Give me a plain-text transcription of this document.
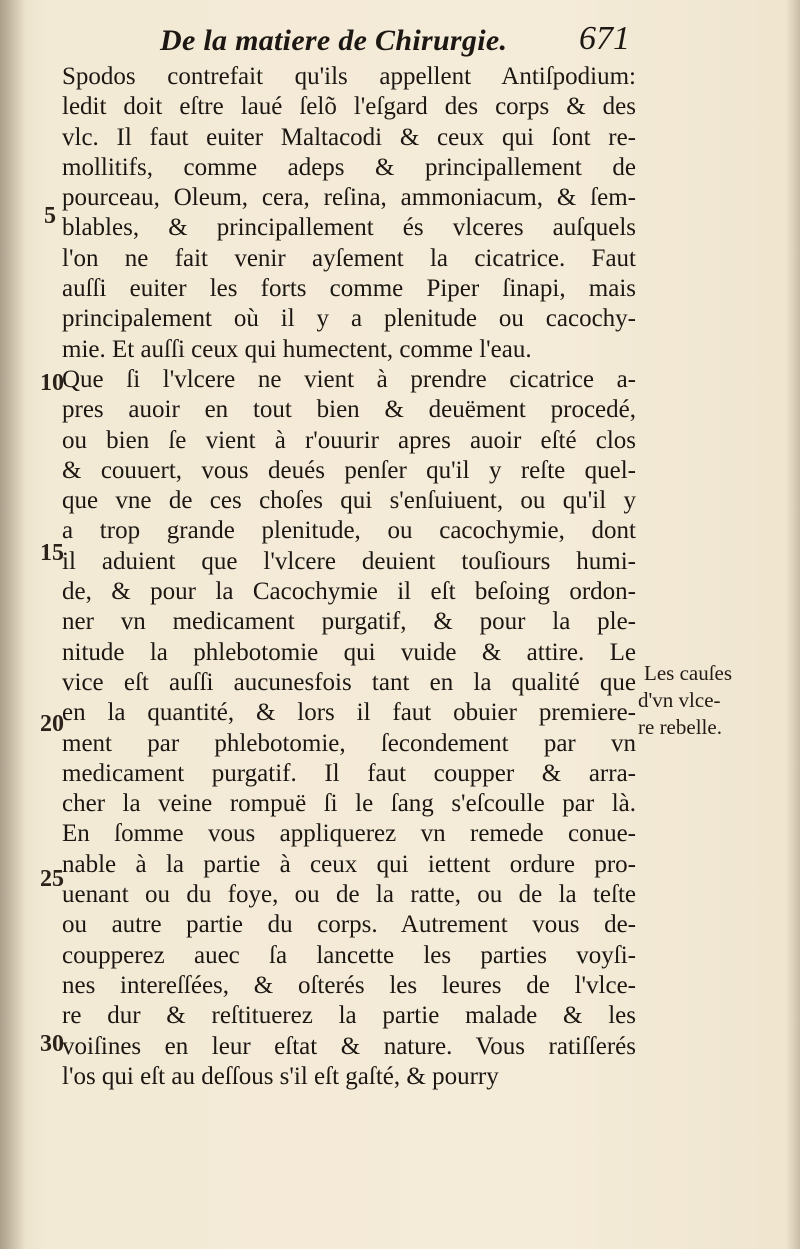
De la matiere de Chirurgie.	671
5
10
15
20
25
30
Spodos contrefait qu'ils appellent Antiſpodium:
ledit doit eſtre laué ſelõ l'eſgard des corps & des
vlc. Il faut euiter Maltacodi & ceux qui ſont re-
mollitifs, comme adeps & principallement de
pourceau, Oleum, cera, reſina, ammoniacum, & ſem-
blables, & principallement és vlceres auſquels
l'on ne fait venir ayſement la cicatrice. Faut
auſſi euiter les forts comme Piper ſinapi, mais
principalement où il y a plenitude ou cacochy-
mie. Et auſſi ceux qui humectent, comme l'eau.
Que ſi l'vlcere ne vient à prendre cicatrice a-
pres auoir en tout bien & deuëment procedé,
ou bien ſe vient à r'ouurir apres auoir eſté clos
& couuert, vous deués penſer qu'il y reſte quel-
que vne de ces choſes qui s'enſuiuent, ou qu'il y
a trop grande plenitude, ou cacochymie, dont
il aduient que l'vlcere deuient touſiours humi-
de, & pour la Cacochymie il eſt beſoing ordon-
ner vn medicament purgatif, & pour la ple-
nitude la phlebotomie qui vuide & attire. Le
vice eſt auſſi aucunesfois tant en la qualité que
en la quantité, & lors il faut obuier premiere-
ment par phlebotomie, ſecondement par vn
medicament purgatif. Il faut coupper & arra-
cher la veine rompuë ſi le ſang s'eſcoulle par là.
En ſomme vous appliquerez vn remede conue-
nable à la partie à ceux qui iettent ordure pro-
uenant ou du foye, ou de la ratte, ou de la teſte
ou autre partie du corps. Autrement vous de-
coupperez auec ſa lancette les parties voyſi-
nes intereſſées, & oſterés les leures de l'vlce-
re dur & reſtituerez la partie malade & les
voiſines en leur eſtat & nature. Vous ratiſſerés
l'os qui eſt au deſſous s'il eſt gaſté, & pourry
Les cauſes
d'vn vlce-
re rebelle.
